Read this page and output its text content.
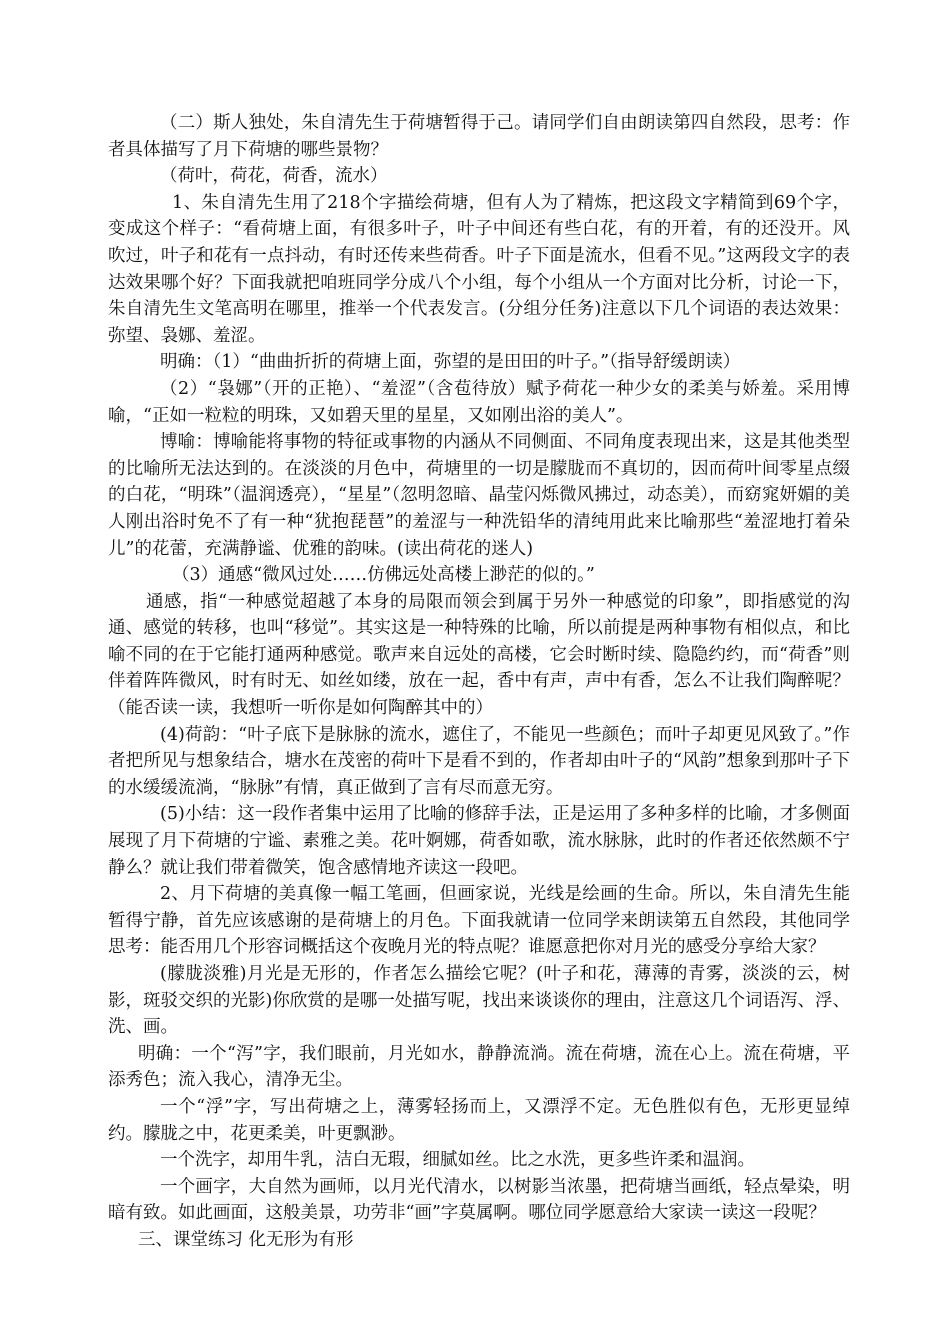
（二）斯人独处，朱自清先生于荷塘暂得于己。请同学们自由朗读第四自然段，思考：作者具体描写了月下荷塘的哪些景物？

（荷叶，荷花，荷香，流水）

1、朱自清先生用了218个字描绘荷塘，但有人为了精炼，把这段文字精简到69个字，变成这个样子：“看荷塘上面，有很多叶子，叶子中间还有些白花，有的开着，有的还没开。风吹过，叶子和花有一点抖动，有时还传来些荷香。叶子下面是流水，但看不见。”这两段文字的表达效果哪个好？下面我就把咱班同学分成八个小组，每个小组从一个方面对比分析，讨论一下，朱自清先生文笔高明在哪里，推举一个代表发言。(分组分任务)注意以下几个词语的表达效果：弥望、袅娜、羞涩。

明确：（1）“曲曲折折的荷塘上面，弥望的是田田的叶子。”（指导舒缓朗读）

（2）“袅娜”（开的正艳）、“羞涩”（含苞待放）赋予荷花一种少女的柔美与娇羞。采用博喻，“正如一粒粒的明珠，又如碧天里的星星，又如刚出浴的美人”。

博喻：博喻能将事物的特征或事物的内涵从不同侧面、不同角度表现出来，这是其他类型的比喻所无法达到的。在淡淡的月色中，荷塘里的一切是朦胧而不真切的，因而荷叶间零星点缀的白花，“明珠”（温润透亮），“星星”（忽明忽暗、晶莹闪烁微风拂过，动态美），而窈窕妍媚的美人刚出浴时免不了有一种“犹抱琵琶”的羞涩与一种洗铅华的清纯用此来比喻那些“羞涩地打着朵儿”的花蕾，充满静谧、优雅的韵味。(读出荷花的迷人)

（3）通感“微风过处……仿佛远处高楼上渺茫的似的。”

通感，指“一种感觉超越了本身的局限而领会到属于另外一种感觉的印象”，即指感觉的沟通、感觉的转移，也叫“移觉”。其实这是一种特殊的比喻，所以前提是两种事物有相似点，和比喻不同的在于它能打通两种感觉。歌声来自远处的高楼，它会时断时续、隐隐约约，而“荷香”则伴着阵阵微风，时有时无、如丝如缕，放在一起，香中有声，声中有香，怎么不让我们陶醉呢？（能否读一读，我想听一听你是如何陶醉其中的）

(4)荷韵：“叶子底下是脉脉的流水，遮住了，不能见一些颜色；而叶子却更见风致了。”作者把所见与想象结合，塘水在茂密的荷叶下是看不到的，作者却由叶子的“风韵”想象到那叶子下的水缓缓流淌，“脉脉”有情，真正做到了言有尽而意无穷。

(5)小结：这一段作者集中运用了比喻的修辞手法，正是运用了多种多样的比喻，才多侧面展现了月下荷塘的宁谧、素雅之美。花叶婀娜，荷香如歌，流水脉脉，此时的作者还依然颇不宁静么？就让我们带着微笑，饱含感情地齐读这一段吧。

2、月下荷塘的美真像一幅工笔画，但画家说，光线是绘画的生命。所以，朱自清先生能暂得宁静，首先应该感谢的是荷塘上的月色。下面我就请一位同学来朗读第五自然段，其他同学思考：能否用几个形容词概括这个夜晚月光的特点呢？谁愿意把你对月光的感受分享给大家？

(朦胧淡雅)月光是无形的，作者怎么描绘它呢？(叶子和花，薄薄的青雾，淡淡的云，树影，斑驳交织的光影)你欣赏的是哪一处描写呢，找出来谈谈你的理由，注意这几个词语泻、浮、洗、画。

明确：一个“泻”字，我们眼前，月光如水，静静流淌。流在荷塘，流在心上。流在荷塘，平添秀色；流入我心，清净无尘。

一个“浮”字，写出荷塘之上，薄雾轻扬而上，又漂浮不定。无色胜似有色，无形更显绰约。朦胧之中，花更柔美，叶更飘渺。

一个洗字，却用牛乳，洁白无瑕，细腻如丝。比之水洗，更多些许柔和温润。

一个画字，大自然为画师，以月光代清水，以树影当浓墨，把荷塘当画纸，轻点晕染，明暗有致。如此画面，这般美景，功劳非“画”字莫属啊。哪位同学愿意给大家读一读这一段呢？

三、课堂练习 化无形为有形
